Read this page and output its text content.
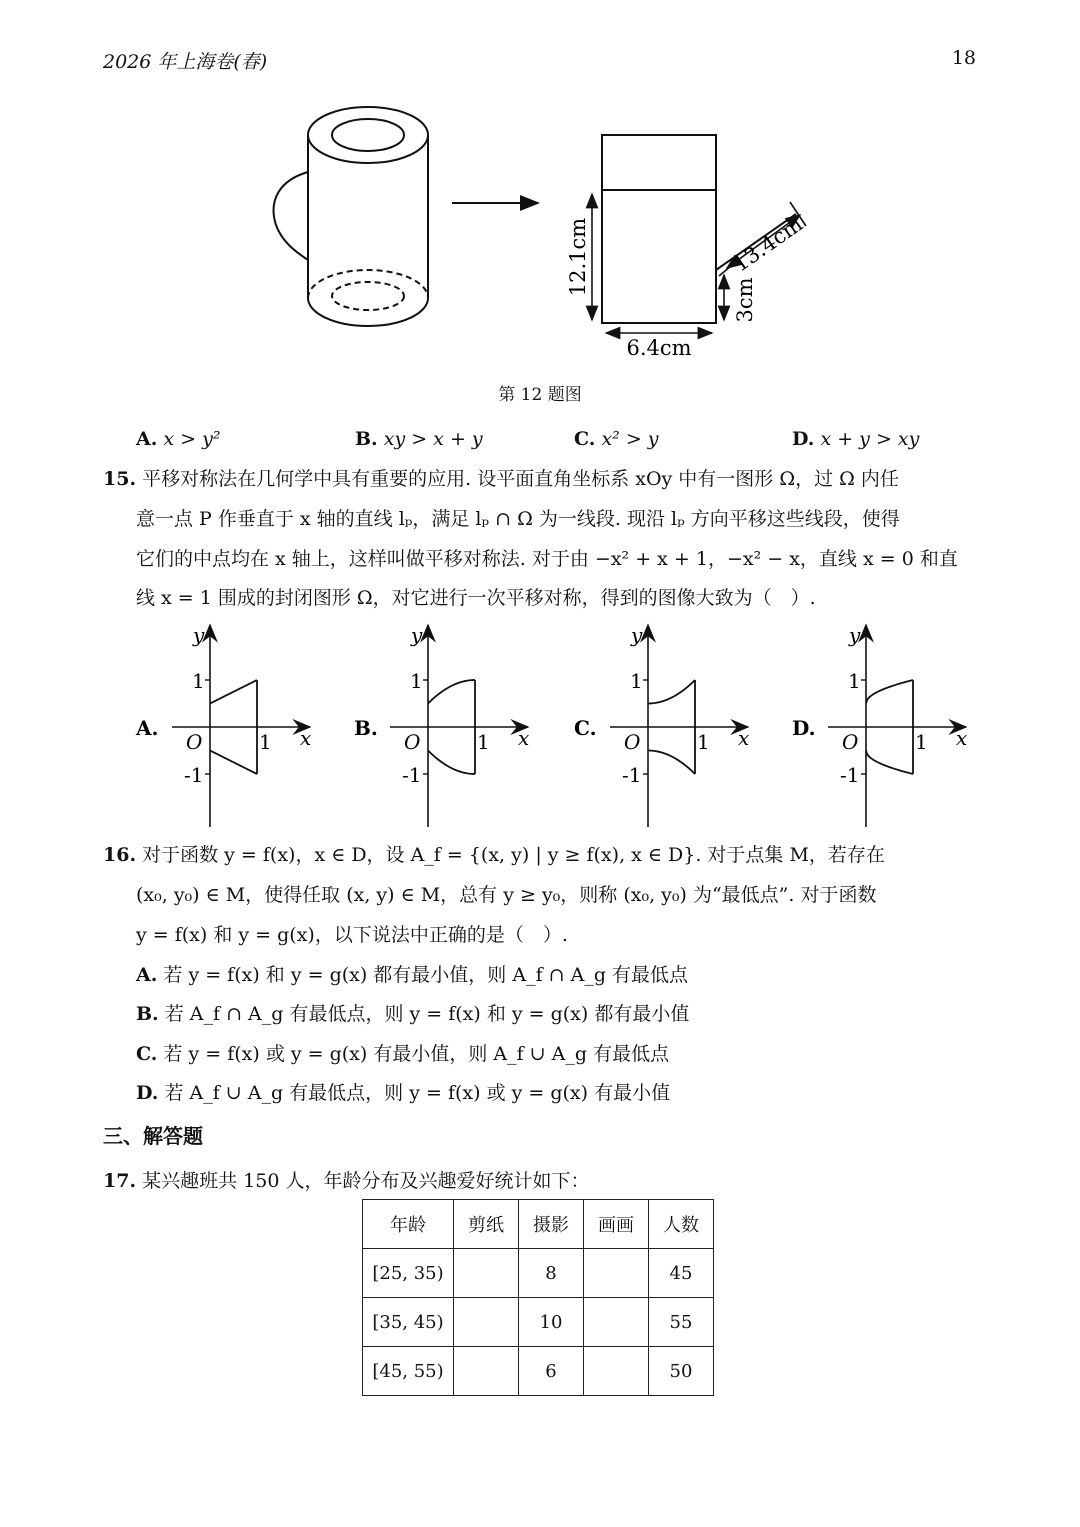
2026 年上海卷(春)	18
12.1cm
6.4cm
3cm
13.4cm
第 12 题图
A. x > y²	B. xy > x + y	C. x² > y	D. x + y > xy
15. 平移对称法在几何学中具有重要的应用. 设平面直角坐标系 xOy 中有一图形 Ω，过 Ω 内任
意一点 P 作垂直于 x 轴的直线 lₚ，满足 lₚ ∩ Ω 为一线段. 现沿 lₚ 方向平移这些线段，使得
它们的中点均在 x 轴上，这样叫做平移对称法. 对于由 −x² + x + 1，−x² − x，直线 x = 0 和直
线 x = 1 围成的封闭图形 Ω，对它进行一次平移对称，得到的图像大致为（　）.
A.
y
x
O
1
-1
1
B.
y
x
O
1
-1
1
C.
y
x
O
1
-1
1
D.
y
x
O
1
-1
1
16. 对于函数 y = f(x)，x ∈ D，设 A_f = {(x, y) | y ≥ f(x), x ∈ D}. 对于点集 M，若存在
(x₀, y₀) ∈ M，使得任取 (x, y) ∈ M，总有 y ≥ y₀，则称 (x₀, y₀) 为“最低点”. 对于函数
y = f(x) 和 y = g(x)，以下说法中正确的是（　）.
A. 若 y = f(x) 和 y = g(x) 都有最小值，则 A_f ∩ A_g 有最低点
B. 若 A_f ∩ A_g 有最低点，则 y = f(x) 和 y = g(x) 都有最小值
C. 若 y = f(x) 或 y = g(x) 有最小值，则 A_f ∪ A_g 有最低点
D. 若 A_f ∪ A_g 有最低点，则 y = f(x) 或 y = g(x) 有最小值
三、解答题
17. 某兴趣班共 150 人，年龄分布及兴趣爱好统计如下：
年龄	剪纸	摄影	画画	人数
[25, 35)		8		45
[35, 45)		10		55
[45, 55)		6		50
